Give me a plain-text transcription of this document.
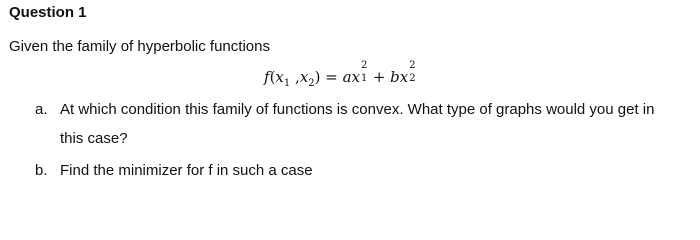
Question 1
Given the family of hyperbolic functions
$f(x_1$ $,x_2$) = ax
2
1 + bx
2
2
a. At which condition this family of functions is convex. What type of graphs would you get in
this case?
b. Find the minimizer for f in such a case
